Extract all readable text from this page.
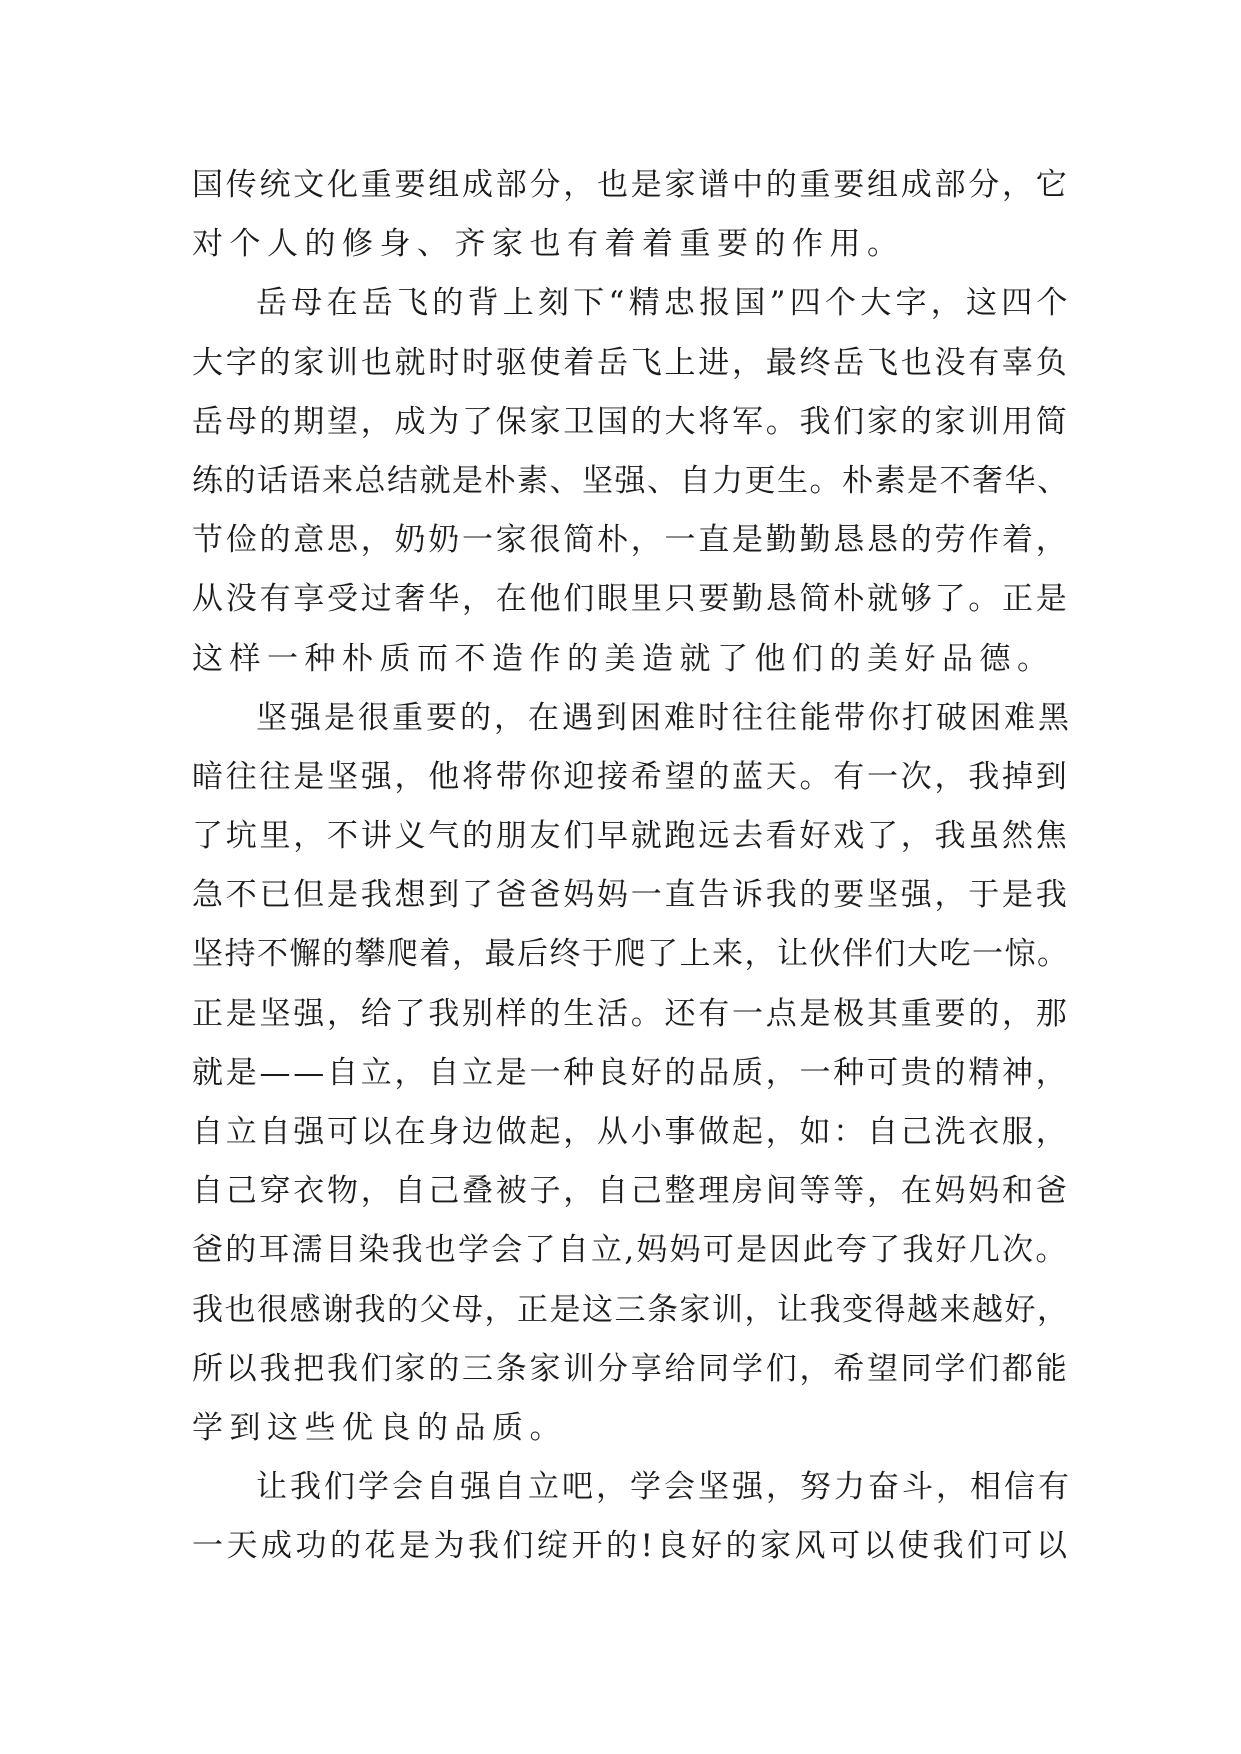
国传统文化重要组成部分，也是家谱中的重要组成部分，它
对个人的修身、齐家也有着着重要的作用。
岳母在岳飞的背上刻下“精忠报国”四个大字，这四个
大字的家训也就时时驱使着岳飞上进，最终岳飞也没有辜负
岳母的期望，成为了保家卫国的大将军。我们家的家训用简
练的话语来总结就是朴素、坚强、自力更生。朴素是不奢华、
节俭的意思，奶奶一家很简朴，一直是勤勤恳恳的劳作着，
从没有享受过奢华，在他们眼里只要勤恳简朴就够了。正是
这样一种朴质而不造作的美造就了他们的美好品德。
坚强是很重要的，在遇到困难时往往能带你打破困难黑
暗往往是坚强，他将带你迎接希望的蓝天。有一次，我掉到
了坑里，不讲义气的朋友们早就跑远去看好戏了，我虽然焦
急不已但是我想到了爸爸妈妈一直告诉我的要坚强，于是我
坚持不懈的攀爬着，最后终于爬了上来，让伙伴们大吃一惊。
正是坚强，给了我别样的生活。还有一点是极其重要的，那
就是——自立，自立是一种良好的品质，一种可贵的精神，
自立自强可以在身边做起，从小事做起，如：自己洗衣服，
自己穿衣物，自己叠被子，自己整理房间等等，在妈妈和爸
爸的耳濡目染我也学会了自立,妈妈可是因此夸了我好几次。
我也很感谢我的父母，正是这三条家训，让我变得越来越好，
所以我把我们家的三条家训分享给同学们，希望同学们都能
学到这些优良的品质。
让我们学会自强自立吧，学会坚强，努力奋斗，相信有
一天成功的花是为我们绽开的!良好的家风可以使我们可以
